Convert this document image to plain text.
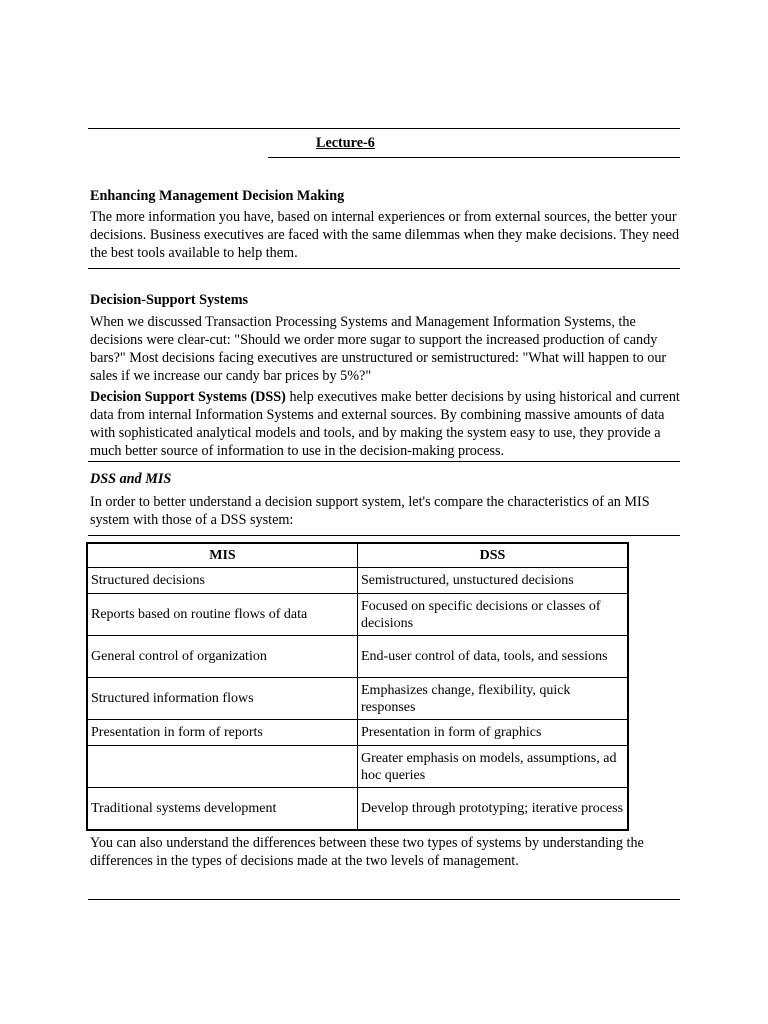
Lecture-6
Enhancing Management Decision Making

The more information you have, based on internal experiences or from external sources, the better your decisions. Business executives are faced with the same dilemmas when they make decisions. They need the best tools available to help them.

Decision-Support Systems

When we discussed Transaction Processing Systems and Management Information Systems, the decisions were clear-cut: "Should we order more sugar to support the increased production of candy bars?" Most decisions facing executives are unstructured or semistructured: "What will happen to our sales if we increase our candy bar prices by 5%?"

Decision Support Systems (DSS) help executives make better decisions by using historical and current data from internal Information Systems and external sources. By combining massive amounts of data with sophisticated analytical models and tools, and by making the system easy to use, they provide a much better source of information to use in the decision-making process.

DSS and MIS

In order to better understand a decision support system, let's compare the characteristics of an MIS system with those of a DSS system:

MIS	DSS
Structured decisions	Semistructured, unstuctured decisions
Reports based on routine flows of data	Focused on specific decisions or classes of decisions
General control of organization	End-user control of data, tools, and sessions
Structured information flows	Emphasizes change, flexibility, quick responses
Presentation in form of reports	Presentation in form of graphics
	Greater emphasis on models, assumptions, ad hoc queries
Traditional systems development	Develop through prototyping; iterative process

You can also understand the differences between these two types of systems by understanding the differences in the types of decisions made at the two levels of management.
